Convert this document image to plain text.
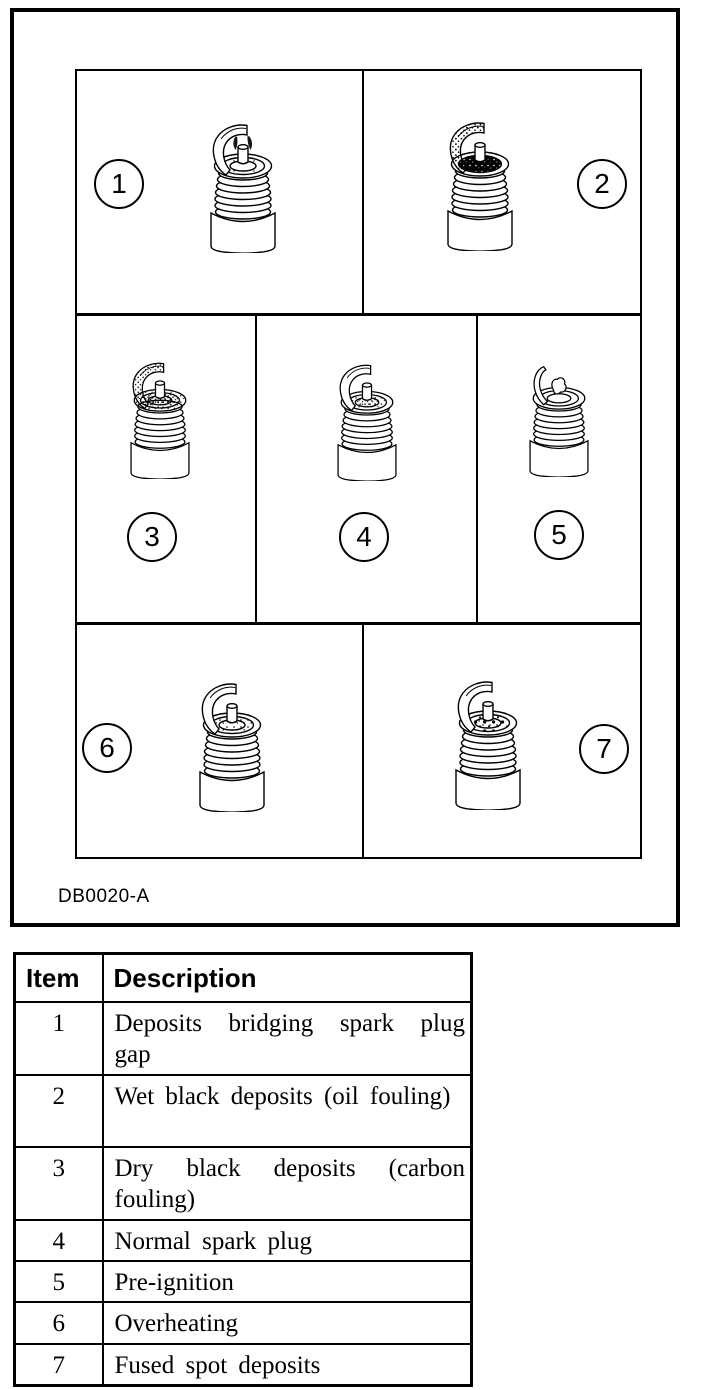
1	2
3	4	5
6	7
DB0020-A
Item	Description
1	Deposits bridging spark plug gap
2	Wet black deposits (oil fouling)
3	Dry black deposits (carbon fouling)
4	Normal spark plug
5	Pre-ignition
6	Overheating
7	Fused spot deposits
